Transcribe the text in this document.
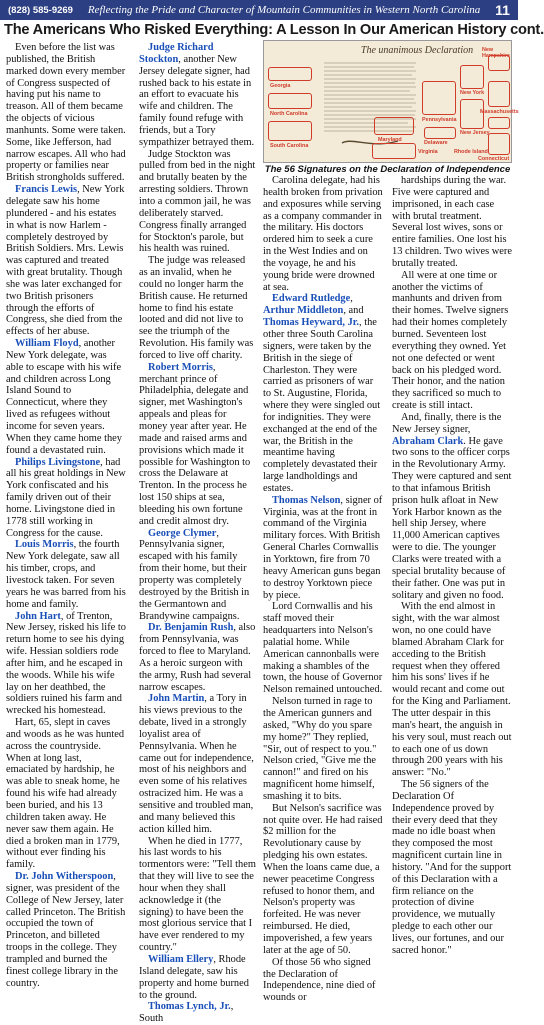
(828) 585-9269 Reflecting the Pride and Character of Mountain Communities in Western North Carolina 11
The Americans Who Risked Everything: A Lesson In Our American History cont.

Even before the list was published, the British marked down every member of Congress suspected of having put his name to treason. All of them became the objects of vicious manhunts. Some were taken. Some, like Jefferson, had narrow escapes. All who had property or families near British strongholds suffered.

Francis Lewis, New York delegate saw his home plundered - and his estates in what is now Harlem - completely destroyed by British Soldiers. Mrs. Lewis was captured and treated with great brutality. Though she was later exchanged for two British prisoners through the efforts of Congress, she died from the effects of her abuse.

William Floyd, another New York delegate, was able to escape with his wife and children across Long Island Sound to Connecticut, where they lived as refugees without income for seven years. When they came home they found a devastated ruin.

Philips Livingstone, had all his great holdings in New York confiscated and his family driven out of their home. Livingstone died in 1778 still working in Congress for the cause.

Louis Morris, the fourth New York delegate, saw all his timber, crops, and livestock taken. For seven years he was barred from his home and family.

John Hart, of Trenton, New Jersey, risked his life to return home to see his dying wife. Hessian soldiers rode after him, and he escaped in the woods. While his wife lay on her deathbed, the soldiers ruined his farm and wrecked his homestead.

Hart, 65, slept in caves and woods as he was hunted across the countryside. When at long last, emaciated by hardship, he was able to sneak home, he found his wife had already been buried, and his 13 children taken away. He never saw them again. He died a broken man in 1779, without ever finding his family.

Dr. John Witherspoon, signer, was president of the College of New Jersey, later called Princeton. The British occupied the town of Princeton, and billeted troops in the college. They trampled and burned the finest college library in the country.

Judge Richard Stockton, another New Jersey delegate signer, had rushed back to his estate in an effort to evacuate his wife and children. The family found refuge with friends, but a Tory sympathizer betrayed them.

Judge Stockton was pulled from bed in the night and brutally beaten by the arresting soldiers. Thrown into a common jail, he was deliberately starved. Congress finally arranged for Stockton's parole, but his health was ruined.

The judge was released as an invalid, when he could no longer harm the British cause. He returned home to find his estate looted and did not live to see the triumph of the Revolution. His family was forced to live off charity.

Robert Morris, merchant prince of Philadelphia, delegate and signer, met Washington's appeals and pleas for money year after year. He made and raised arms and provisions which made it possible for Washington to cross the Delaware at Trenton. In the process he lost 150 ships at sea, bleeding his own fortune and credit almost dry.

George Clymer, Pennsylvania signer, escaped with his family from their home, but their property was completely destroyed by the British in the Germantown and Brandywine campaigns.

Dr. Benjamin Rush, also from Pennsylvania, was forced to flee to Maryland. As a heroic surgeon with the army, Rush had several narrow escapes.

John Martin, a Tory in his views previous to the debate, lived in a strongly loyalist area of Pennsylvania. When he came out for independence, most of his neighbors and even some of his relatives ostracized him. He was a sensitive and troubled man, and many believed this action killed him.

When he died in 1777, his last words to his tormentors were: "Tell them that they will live to see the hour when they shall acknowledge it (the signing) to have been the most glorious service that I have ever rendered to my country."

William Ellery, Rhode Island delegate, saw his property and home burned to the ground.

Thomas Lynch, Jr., South

The unanimous Declaration
Georgia
North Carolina
South Carolina
Maryland
Virginia
Pennsylvania
Delaware
New York
New Jersey
New Hampshire
Massachusetts
Connecticut
Rhode Island
The 56 Signatures on the Declaration of Independence

Carolina delegate, had his health broken from privation and exposures while serving as a company commander in the military. His doctors ordered him to seek a cure in the West Indies and on the voyage, he and his young bride were drowned at sea.

Edward Rutledge, Arthur Middleton, and Thomas Heyward, Jr., the other three South Carolina signers, were taken by the British in the siege of Charleston. They were carried as prisoners of war to St. Augustine, Florida, where they were singled out for indignities. They were exchanged at the end of the war, the British in the meantime having completely devastated their large landholdings and estates.

Thomas Nelson, signer of Virginia, was at the front in command of the Virginia military forces. With British General Charles Cornwallis in Yorktown, fire from 70 heavy American guns began to destroy Yorktown piece by piece.

Lord Cornwallis and his staff moved their headquarters into Nelson's palatial home. While American cannonballs were making a shambles of the town, the house of Governor Nelson remained untouched.

Nelson turned in rage to the American gunners and asked, "Why do you spare my home?" They replied, "Sir, out of respect to you." Nelson cried, "Give me the cannon!" and fired on his magnificent home himself, smashing it to bits.

But Nelson's sacrifice was not quite over. He had raised $2 million for the Revolutionary cause by pledging his own estates. When the loans came due, a newer peacetime Congress refused to honor them, and Nelson's property was forfeited. He was never reimbursed. He died, impoverished, a few years later at the age of 50.

Of those 56 who signed the Declaration of Independence, nine died of wounds or

hardships during the war. Five were captured and imprisoned, in each case with brutal treatment. Several lost wives, sons or entire families. One lost his 13 children. Two wives were brutally treated.

All were at one time or another the victims of manhunts and driven from their homes. Twelve signers had their homes completely burned. Seventeen lost everything they owned. Yet not one defected or went back on his pledged word. Their honor, and the nation they sacrificed so much to create is still intact.

And, finally, there is the New Jersey signer, Abraham Clark. He gave two sons to the officer corps in the Revolutionary Army. They were captured and sent to that infamous British prison hulk afloat in New York Harbor known as the hell ship Jersey, where 11,000 American captives were to die. The younger Clarks were treated with a special brutality because of their father. One was put in solitary and given no food.

With the end almost in sight, with the war almost won, no one could have blamed Abraham Clark for acceding to the British request when they offered him his sons' lives if he would recant and come out for the King and Parliament. The utter despair in this man's heart, the anguish in his very soul, must reach out to each one of us down through 200 years with his answer: "No."

The 56 signers of the Declaration Of Independence proved by their every deed that they made no idle boast when they composed the most magnificent curtain line in history. "And for the support of this Declaration with a firm reliance on the protection of divine providence, we mutually pledge to each other our lives, our fortunes, and our sacred honor."
